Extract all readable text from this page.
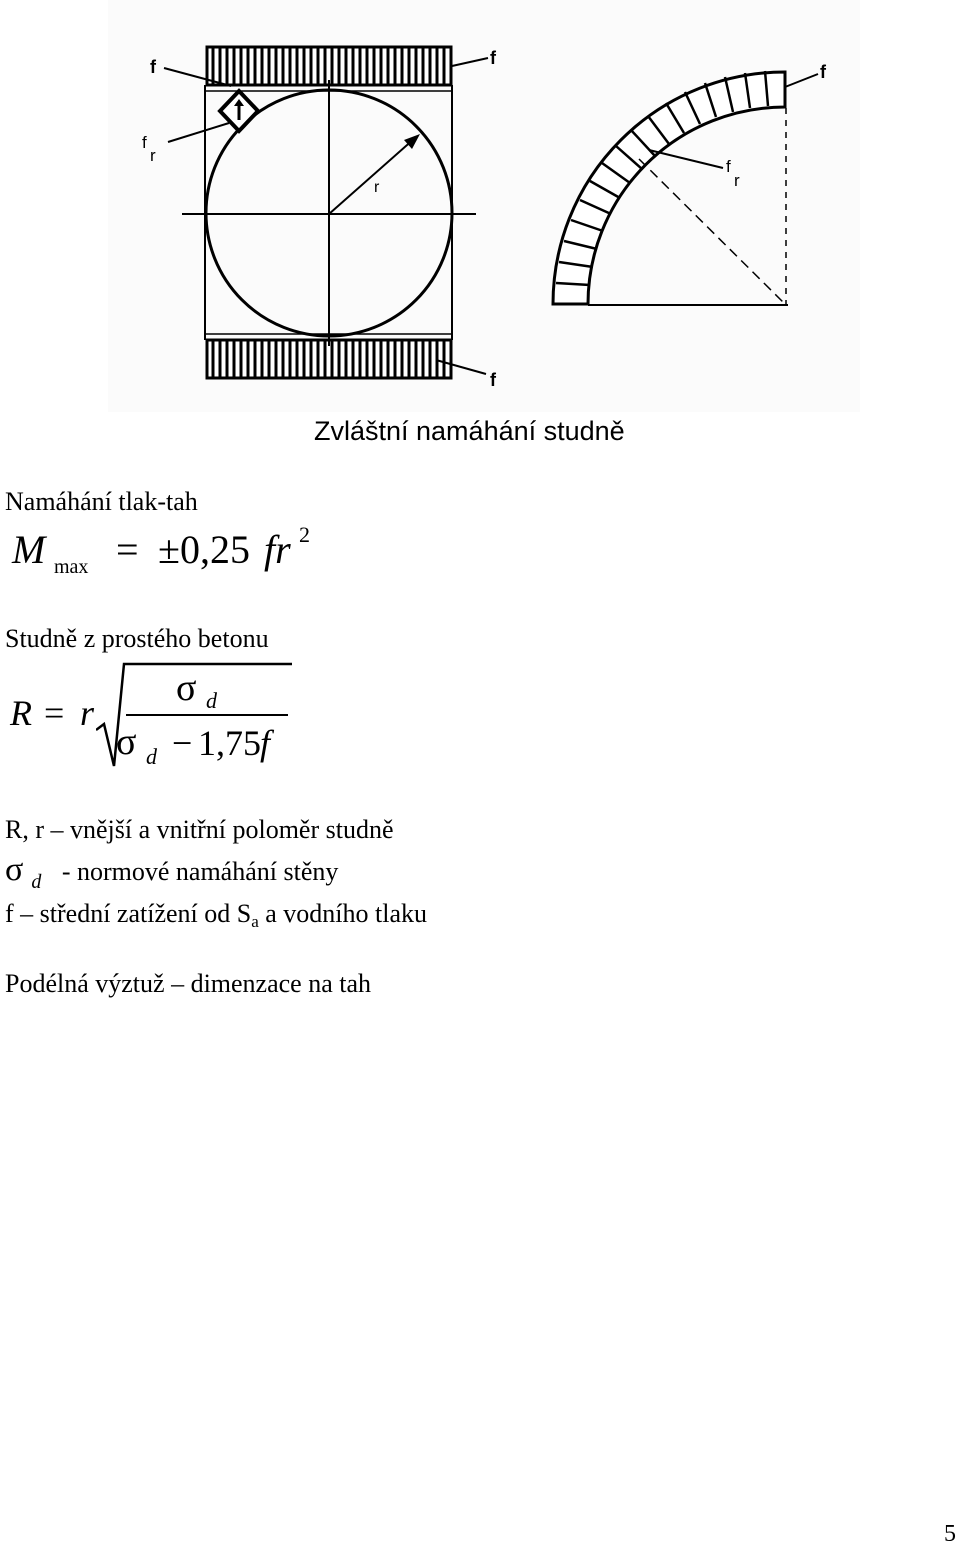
r
f
f
r
f
f
f
f
r
Zvláštní namáhání studně
Namáhání tlak-tah
M max = ±0,25 fr 2
Studně z prostého betonu
R = r
σ d
σ d − 1,75 f
R, r – vnější a vnitřní poloměr studně
σ $_d$ - normové namáhání stěny
f – střední zatížení od $S_a$ a vodního tlaku
Podélná výztuž – dimenzace na tah
5
